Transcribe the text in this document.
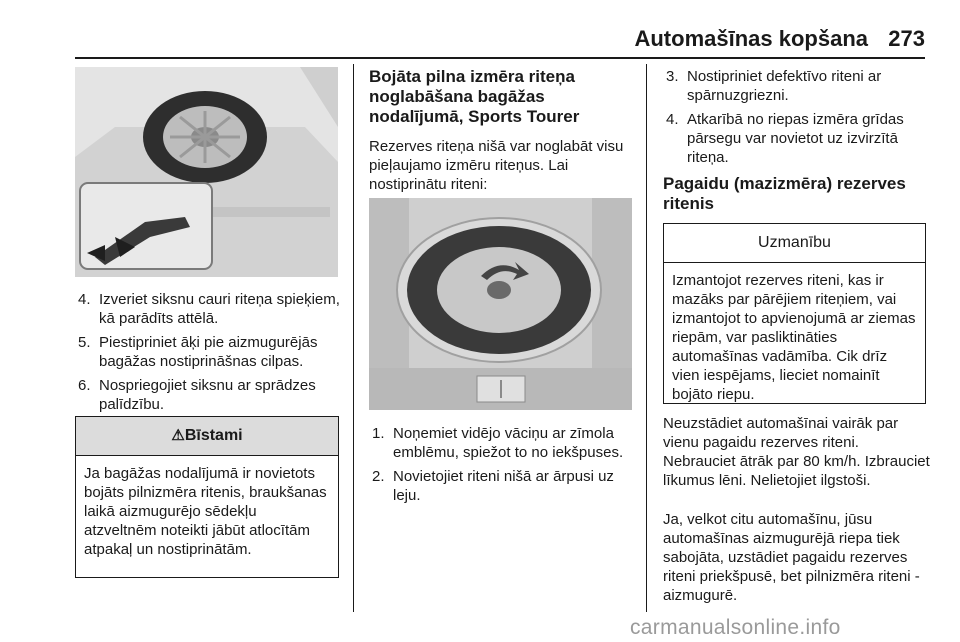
Automašīnas kopšana 273
4. Izveriet siksnu cauri riteņa spieķiem, kā parādīts attēlā.
5. Piestipriniet āķi pie aizmugurējās bagāžas nostiprināšnas cilpas.
6. Nospriegojiet siksnu ar sprādzes palīdzību.
⚠Bīstami
Ja bagāžas nodalījumā ir novietots bojāts pilnizmēra ritenis, braukšanas laikā aizmugurējo sēdekļu atzveltnēm noteikti jābūt atlocītām atpakaļ un nostiprinātām.
Bojāta pilna izmēra riteņa noglabāšana bagāžas nodalījumā, Sports Tourer
Rezerves riteņa nišā var noglabāt visu pieļaujamo izmēru riteņus. Lai nostiprinātu riteni:
1. Noņemiet vidējo vāciņu ar zīmola emblēmu, spiežot to no iekšpuses.
2. Novietojiet riteni nišā ar ārpusi uz leju.
3. Nostipriniet defektīvo riteni ar spārnuzgriezni.
4. Atkarībā no riepas izmēra grīdas pārsegu var novietot uz izvirzītā riteņa.
Pagaidu (mazizmēra) rezerves ritenis
Uzmanību
Izmantojot rezerves riteni, kas ir mazāks par pārējiem riteņiem, vai izmantojot to apvienojumā ar ziemas riepām, var pasliktināties automašīnas vadāmība. Cik drīz vien iespējams, lieciet nomainīt bojāto riepu.
Neuzstādiet automašīnai vairāk par vienu pagaidu rezerves riteni. Nebrauciet ātrāk par 80 km/h. Izbrauciet līkumus lēni. Nelietojiet ilgstoši.
Ja, velkot citu automašīnu, jūsu automašīnas aizmugurējā riepa tiek sabojāta, uzstādiet pagaidu rezerves riteni priekšpusē, bet pilnizmēra riteni - aizmugurē.
carmanualsonline.info
